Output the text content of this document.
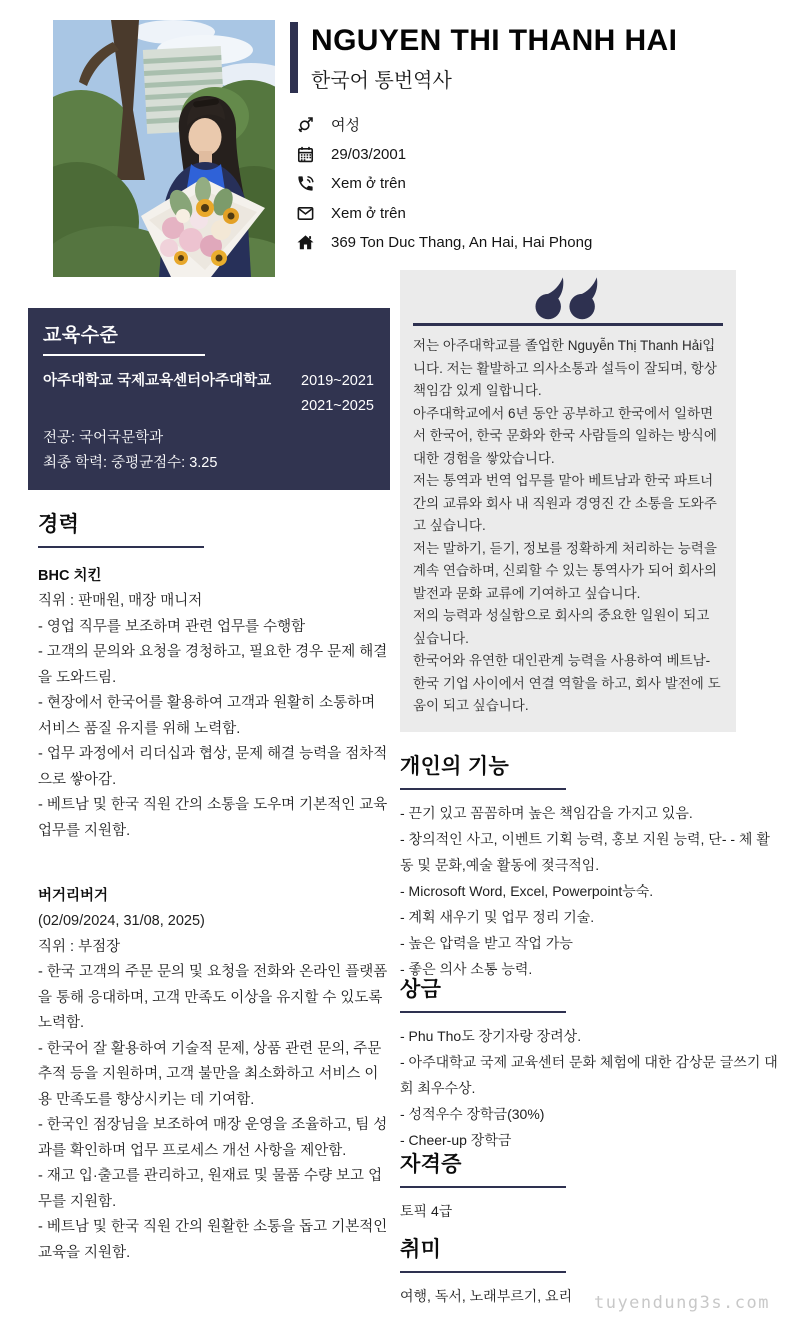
NGUYEN THI THANH HAI
한국어 통번역사
여성
29/03/2001
Xem ở trên
Xem ở trên
369 Ton Duc Thang, An Hai, Hai Phong
교육수준
아주대학교 국제교육센터아주대학교 2019~2021
2021~2025
전공: 국어국문학과
최종 학력: 중평균점수: 3.25
경력
BHC 치킨
직위 : 판매원, 매장 매니저
- 영업 직무를 보조하며 관련 업무를 수행함
- 고객의 문의와 요청을 경청하고, 필요한 경우 문제 해결을 도와드림.
- 현장에서 한국어를 활용하여 고객과 원활히 소통하며 서비스 품질 유지를 위해 노력함.
- 업무 과정에서 리더십과 협상, 문제 해결 능력을 점차적으로 쌓아감.
- 베트남 및 한국 직원 간의 소통을 도우며 기본적인 교육 업무를 지원함.
버거리버거
(02/09/2024, 31/08, 2025)
직위 : 부점장
- 한국 고객의 주문 문의 및 요청을 전화와 온라인 플랫폼을 통해 응대하며, 고객 만족도 이상을 유지할 수 있도록 노력함.
- 한국어 잘 활용하여 기술적 문제, 상품 관련 문의, 주문 추적 등을 지원하며, 고객 불만을 최소화하고 서비스 이용 만족도를 향상시키는 데 기여함.
- 한국인 점장님을 보조하여 매장 운영을 조율하고, 팀 성과를 확인하며 업무 프로세스 개선 사항을 제안함.
- 재고 입·출고를 관리하고, 원재료 및 물품 수량 보고 업무를 지원함.
- 베트남 및 한국 직원 간의 원활한 소통을 돕고 기본적인 교육을 지원함.

저는 아주대학교를 졸업한 Nguyễn Thị Thanh Hải입니다. 저는 활발하고 의사소통과 설득이 잘되며, 항상 책임감 있게 일합니다.

아주대학교에서 6년 동안 공부하고 한국에서 일하면서 한국어, 한국 문화와 한국 사람들의 일하는 방식에 대한 경험을 쌓았습니다.

저는 통역과 번역 업무를 맡아 베트남과 한국 파트너 간의 교류와 회사 내 직원과 경영진 간 소통을 도와주고 싶습니다.

저는 말하기, 듣기, 정보를 정확하게 처리하는 능력을 계속 연습하며, 신뢰할 수 있는 통역사가 되어 회사의 발전과 문화 교류에 기여하고 싶습니다.

저의 능력과 성실함으로 회사의 중요한 일원이 되고 싶습니다.

한국어와 유연한 대인관계 능력을 사용하여 베트남-한국 기업 사이에서 연결 역할을 하고, 회사 발전에 도움이 되고 싶습니다.

개인의 기능
- 끈기 있고 꼼꼼하며 높은 책임감을 가지고 있음.
- 창의적인 사고, 이벤트 기획 능력, 홍보 지원 능력, 단- - 체 활동 및 문화,예술 활동에 젖극적임.
- Microsoft Word, Excel, Powerpoint능숙.
- 계획 새우기 및 업무 정리 기술.
- 높은 압력을 받고 작업 가능
- 좋은 의사 소통 능력.
상금
- Phu Tho도 장기자랑 장려상.
- 아주대학교 국제 교육센터 문화 체험에 대한 감상문 글쓰기 대회 최우수상.
- 성적우수 장학금(30%)
- Cheer-up 장학금
자격증
토픽 4급
취미
여행, 독서, 노래부르기, 요리	tuyendung3s.com
